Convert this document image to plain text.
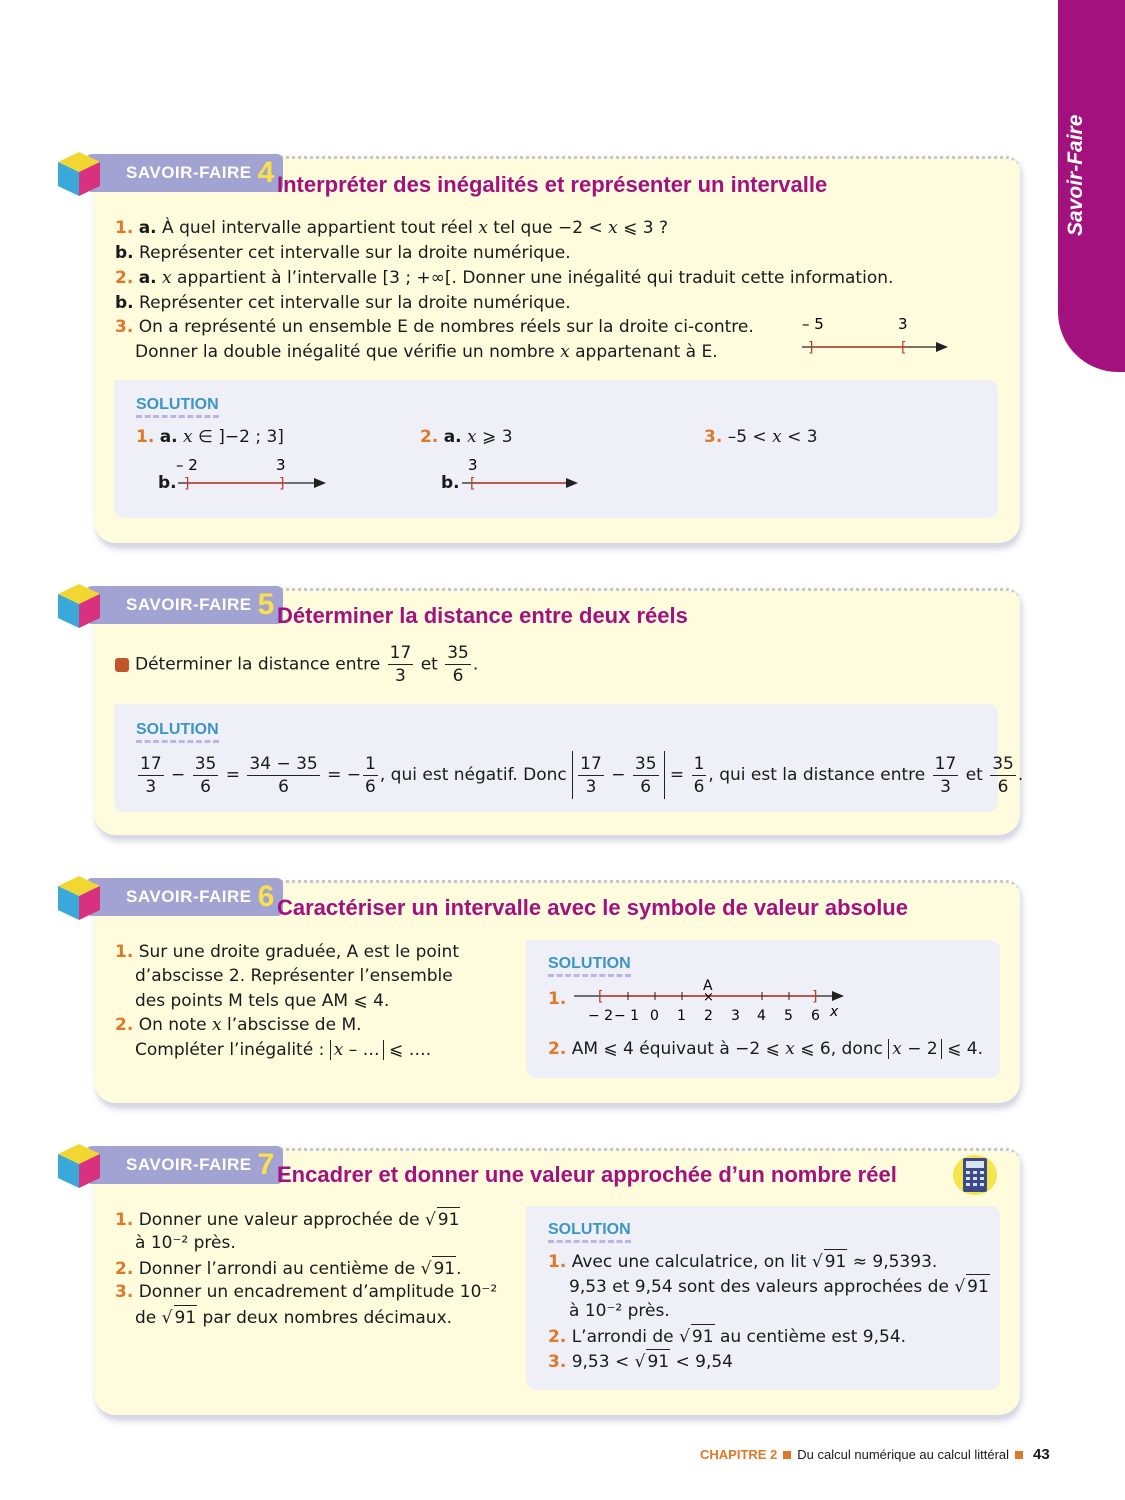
Savoir-Faire
SAVOIR-FAIRE 4 Interpréter des inégalités et représenter un intervalle
1. a. À quel intervalle appartient tout réel x tel que −2 < x ⩽ 3 ?
b. Représenter cet intervalle sur la droite numérique.
2. a. x appartient à l’intervalle [3 ; +∞[. Donner une inégalité qui traduit cette information.
b. Représenter cet intervalle sur la droite numérique.
3. On a représenté un ensemble E de nombres réels sur la droite ci-contre.
Donner la double inégalité que vérifie un nombre x appartenant à E.
– 5	3
]	[
SOLUTION
1. a. x ∈ ]−2 ; 3]
b.
– 2	3
]	]
2. a. x ⩾ 3
b.
3
[
3. –5 < x < 3
SAVOIR-FAIRE 5 Déterminer la distance entre deux réels
Déterminer la distance entre $\frac{17}{3}$ et $\frac{35}{6}$ .
SOLUTION
$\frac{17}{3} - \frac{35}{6} = \frac{34 - 35}{6}$ = − $\frac{1}{6}$ , qui est négatif. Donc $\frac{17}{3} - \frac{35}{6} = \frac{1}{6}$ , qui est la distance entre $\frac{17}{3}$ et $\frac{35}{6}$ .
SAVOIR-FAIRE 6 Caractériser un intervalle avec le symbole de valeur absolue
1. Sur une droite graduée, A est le point
d’abscisse 2. Représenter l’ensemble
des points M tels que AM ⩽ 4.
2. On note x l’abscisse de M.
Compléter l’inégalité : x – … ⩽ ….
SOLUTION
1. [	]
A
×
− 2 − 1 0 1 2 3 4 5 6 x
2. AM ⩽ 4 équivaut à −2 ⩽ x ⩽ 6, donc x − 2 ⩽ 4.
SAVOIR-FAIRE 7 Encadrer et donner une valeur approchée d’un nombre réel
1. Donner une valeur approchée de √ 91
à 10⁻² près.
2. Donner l’arrondi au centième de √ 91.
3. Donner un encadrement d’amplitude 10⁻²
de √ 91 par deux nombres décimaux.
SOLUTION
1. Avec une calculatrice, on lit √ 91 ≈ 9,5393.
9,53 et 9,54 sont des valeurs approchées de √ 91
à 10⁻² près.
2. L’arrondi de √ 91 au centième est 9,54.
3. 9,53 < √ 91 < 9,54
CHAPITRE 2 Du calcul numérique au calcul littéral 43
